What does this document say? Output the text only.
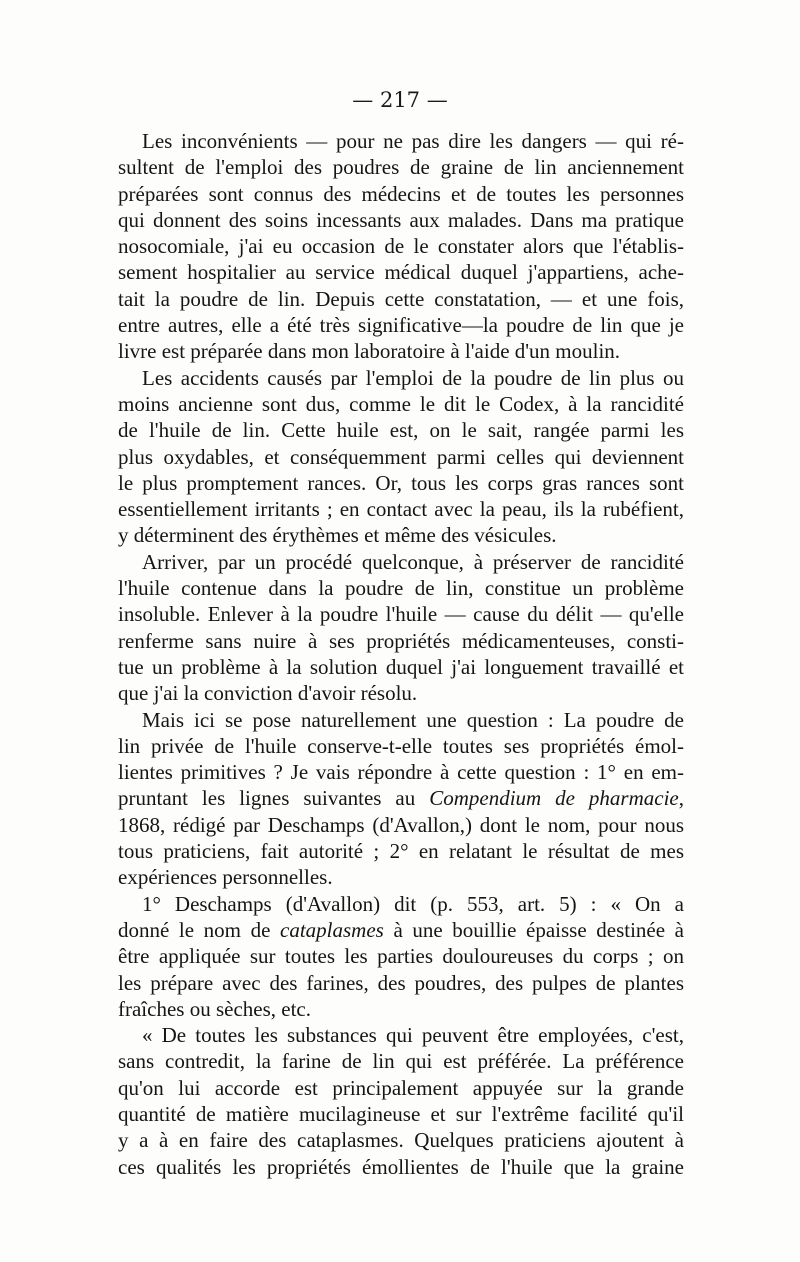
— 217 —
Les inconvénients — pour ne pas dire les dangers — qui ré-
sultent de l'emploi des poudres de graine de lin anciennement
préparées sont connus des médecins et de toutes les personnes
qui donnent des soins incessants aux malades. Dans ma pratique
nosocomiale, j'ai eu occasion de le constater alors que l'établis-
sement hospitalier au service médical duquel j'appartiens, ache-
tait la poudre de lin. Depuis cette constatation, — et une fois,
entre autres, elle a été très significative—la poudre de lin que je
livre est préparée dans mon laboratoire à l'aide d'un moulin.
Les accidents causés par l'emploi de la poudre de lin plus ou
moins ancienne sont dus, comme le dit le Codex, à la rancidité
de l'huile de lin. Cette huile est, on le sait, rangée parmi les
plus oxydables, et conséquemment parmi celles qui deviennent
le plus promptement rances. Or, tous les corps gras rances sont
essentiellement irritants ; en contact avec la peau, ils la rubéfient,
y déterminent des érythèmes et même des vésicules.
Arriver, par un procédé quelconque, à préserver de rancidité
l'huile contenue dans la poudre de lin, constitue un problème
insoluble. Enlever à la poudre l'huile — cause du délit — qu'elle
renferme sans nuire à ses propriétés médicamenteuses, consti-
tue un problème à la solution duquel j'ai longuement travaillé et
que j'ai la conviction d'avoir résolu.
Mais ici se pose naturellement une question : La poudre de
lin privée de l'huile conserve-t-elle toutes ses propriétés émol-
lientes primitives ? Je vais répondre à cette question : 1° en em-
pruntant les lignes suivantes au Compendium de pharmacie,
1868, rédigé par Deschamps (d'Avallon,) dont le nom, pour nous
tous praticiens, fait autorité ; 2° en relatant le résultat de mes
expériences personnelles.
1° Deschamps (d'Avallon) dit (p. 553, art. 5) : « On a
donné le nom de cataplasmes à une bouillie épaisse destinée à
être appliquée sur toutes les parties douloureuses du corps ; on
les prépare avec des farines, des poudres, des pulpes de plantes
fraîches ou sèches, etc.
« De toutes les substances qui peuvent être employées, c'est,
sans contredit, la farine de lin qui est préférée. La préférence
qu'on lui accorde est principalement appuyée sur la grande
quantité de matière mucilagineuse et sur l'extrême facilité qu'il
y a à en faire des cataplasmes. Quelques praticiens ajoutent à
ces qualités les propriétés émollientes de l'huile que la graine
